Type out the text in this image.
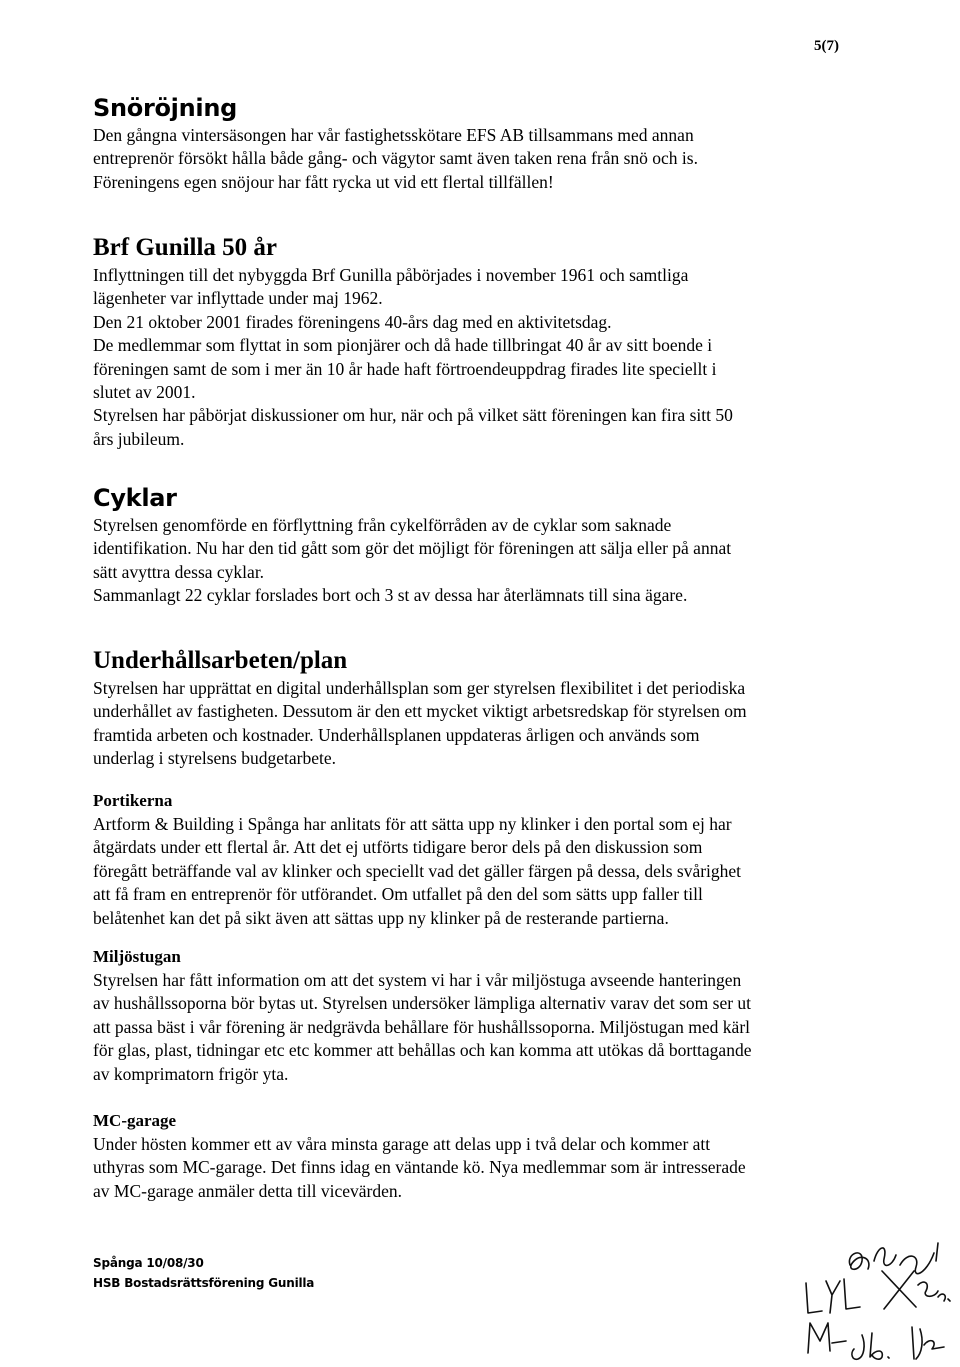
5(7)
Snöröjning

Den gångna vintersäsongen har vår fastighetsskötare EFS AB tillsammans med annan

entreprenör försökt hålla både gång- och vägytor samt även taken rena från snö och is.

Föreningens egen snöjour har fått rycka ut vid ett flertal tillfällen!

Brf Gunilla 50 år

Inflyttningen till det nybyggda Brf Gunilla påbörjades i november 1961 och samtliga

lägenheter var inflyttade under maj 1962.

Den 21 oktober 2001 firades föreningens 40-års dag med en aktivitetsdag.

De medlemmar som flyttat in som pionjärer och då hade tillbringat 40 år av sitt boende i

föreningen samt de som i mer än 10 år hade haft förtroendeuppdrag firades lite speciellt i

slutet av 2001.

Styrelsen har påbörjat diskussioner om hur, när och på vilket sätt föreningen kan fira sitt 50

års jubileum.

Cyklar

Styrelsen genomförde en förflyttning från cykelförråden av de cyklar som saknade

identifikation. Nu har den tid gått som gör det möjligt för föreningen att sälja eller på annat

sätt avyttra dessa cyklar.

Sammanlagt 22 cyklar forslades bort och 3 st av dessa har återlämnats till sina ägare.

Underhållsarbeten/plan

Styrelsen har upprättat en digital underhållsplan som ger styrelsen flexibilitet i det periodiska

underhållet av fastigheten. Dessutom är den ett mycket viktigt arbetsredskap för styrelsen om

framtida arbeten och kostnader. Underhållsplanen uppdateras årligen och används som

underlag i styrelsens budgetarbete.

Portikerna

Artform & Building i Spånga har anlitats för att sätta upp ny klinker i den portal som ej har

åtgärdats under ett flertal år. Att det ej utförts tidigare beror dels på den diskussion som

föregått beträffande val av klinker och speciellt vad det gäller färgen på dessa, dels svårighet

att få fram en entreprenör för utförandet. Om utfallet på den del som sätts upp faller till

belåtenhet kan det på sikt även att sättas upp ny klinker på de resterande partierna.

Miljöstugan

Styrelsen har fått information om att det system vi har i vår miljöstuga avseende hanteringen

av hushållssoporna bör bytas ut. Styrelsen undersöker lämpliga alternativ varav det som ser ut

att passa bäst i vår förening är nedgrävda behållare för hushållssoporna. Miljöstugan med kärl

för glas, plast, tidningar etc etc kommer att behållas och kan komma att utökas då borttagande

av komprimatorn frigör yta.

MC-garage

Under hösten kommer ett av våra minsta garage att delas upp i två delar och kommer att

uthyras som MC-garage. Det finns idag en väntande kö. Nya medlemmar som är intresserade

av MC-garage anmäler detta till vicevärden.

Spånga 10/08/30
HSB Bostadsrättsförening Gunilla
